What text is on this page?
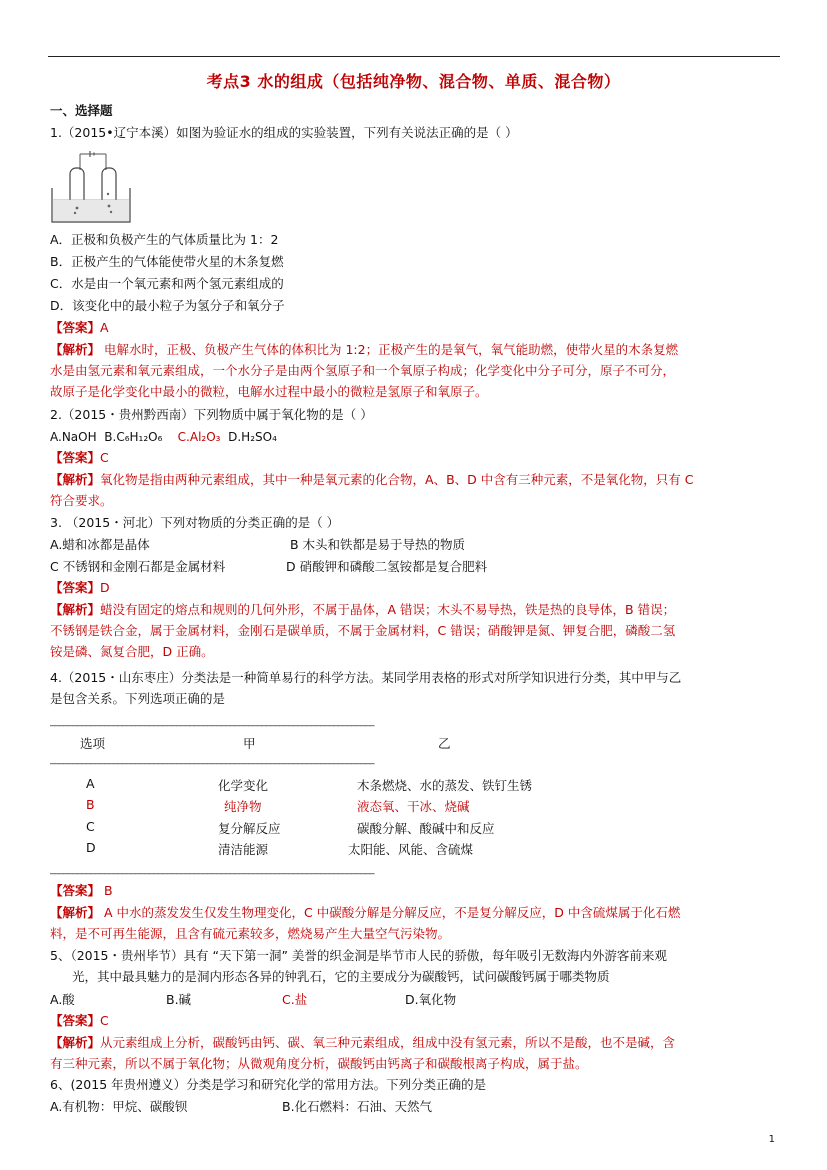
考点3 水的组成（包括纯净物、混合物、单质、混合物）
一、选择题
1.（2015•辽宁本溪）如图为验证水的组成的实验装置，下列有关说法正确的是（ ）
A．正极和负极产生的气体质量比为 1：2
B．正极产生的气体能使带火星的木条复燃
C．水是由一个氧元素和两个氢元素组成的
D．该变化中的最小粒子为氢分子和氧分子
【答案】A
【解析】 电解水时，正极、负极产生气体的体积比为 1:2；正极产生的是氧气，氧气能助燃，使带火星的木条复燃
水是由氢元素和氧元素组成，一个水分子是由两个氢原子和一个氧原子构成；化学变化中分子可分，原子不可分，
故原子是化学变化中最小的微粒，电解水过程中最小的微粒是氢原子和氧原子。
2.（2015・贵州黔西南）下列物质中属于氧化物的是（ ）
A.NaOH B.C₆H₁₂O₆ C.Al₂O₃ D.H₂SO₄
【答案】C
【解析】氧化物是指由两种元素组成，其中一种是氧元素的化合物，A、B、D 中含有三种元素，不是氧化物，只有 C
符合要求。
3. （2015・河北）下列对物质的分类正确的是（ ）
A.蜡和冰都是晶体	B 木头和铁都是易于导热的物质
C 不锈钢和金刚石都是金属材料	D 硝酸钾和磷酸二氢铵都是复合肥料
【答案】D
【解析】蜡没有固定的熔点和规则的几何外形，不属于晶体，A 错误；木头不易导热，铁是热的良导体，B 错误；
不锈钢是铁合金，属于金属材料，金刚石是碳单质，不属于金属材料，C 错误；硝酸钾是氮、钾复合肥，磷酸二氢
铵是磷、氮复合肥，D 正确。
4.（2015・山东枣庄）分类法是一种简单易行的科学方法。某同学用表格的形式对所学知识进行分类，其中甲与乙
是包含关系。下列选项正确的是
________________________________________________________________________
选项	甲	乙
________________________________________________________________________
A	化学变化	木条燃烧、水的蒸发、铁钉生锈
B	纯净物	液态氧、干冰、烧碱
C	复分解反应	碳酸分解、酸碱中和反应
D	清洁能源	太阳能、风能、含硫煤
________________________________________________________________________
【答案】 B
【解析】 A 中水的蒸发发生仅发生物理变化，C 中碳酸分解是分解反应，不是复分解反应，D 中含硫煤属于化石燃
料，是不可再生能源，且含有硫元素较多，燃烧易产生大量空气污染物。
5、（2015・贵州毕节）具有 “天下第一洞” 美誉的织金洞是毕节市人民的骄傲，每年吸引无数海内外游客前来观
光，其中最具魅力的是洞内形态各异的钟乳石，它的主要成分为碳酸钙，试问碳酸钙属于哪类物质
A.酸	B.碱	C.盐	D.氧化物
【答案】C
【解析】从元素组成上分析，碳酸钙由钙、碳、氧三种元素组成，组成中没有氢元素，所以不是酸，也不是碱，含
有三种元素，所以不属于氧化物；从微观角度分析，碳酸钙由钙离子和碳酸根离子构成，属于盐。
6、(2015 年贵州遵义）分类是学习和研究化学的常用方法。下列分类正确的是
A.有机物：甲烷、碳酸钡	B.化石燃料：石油、天然气
1
